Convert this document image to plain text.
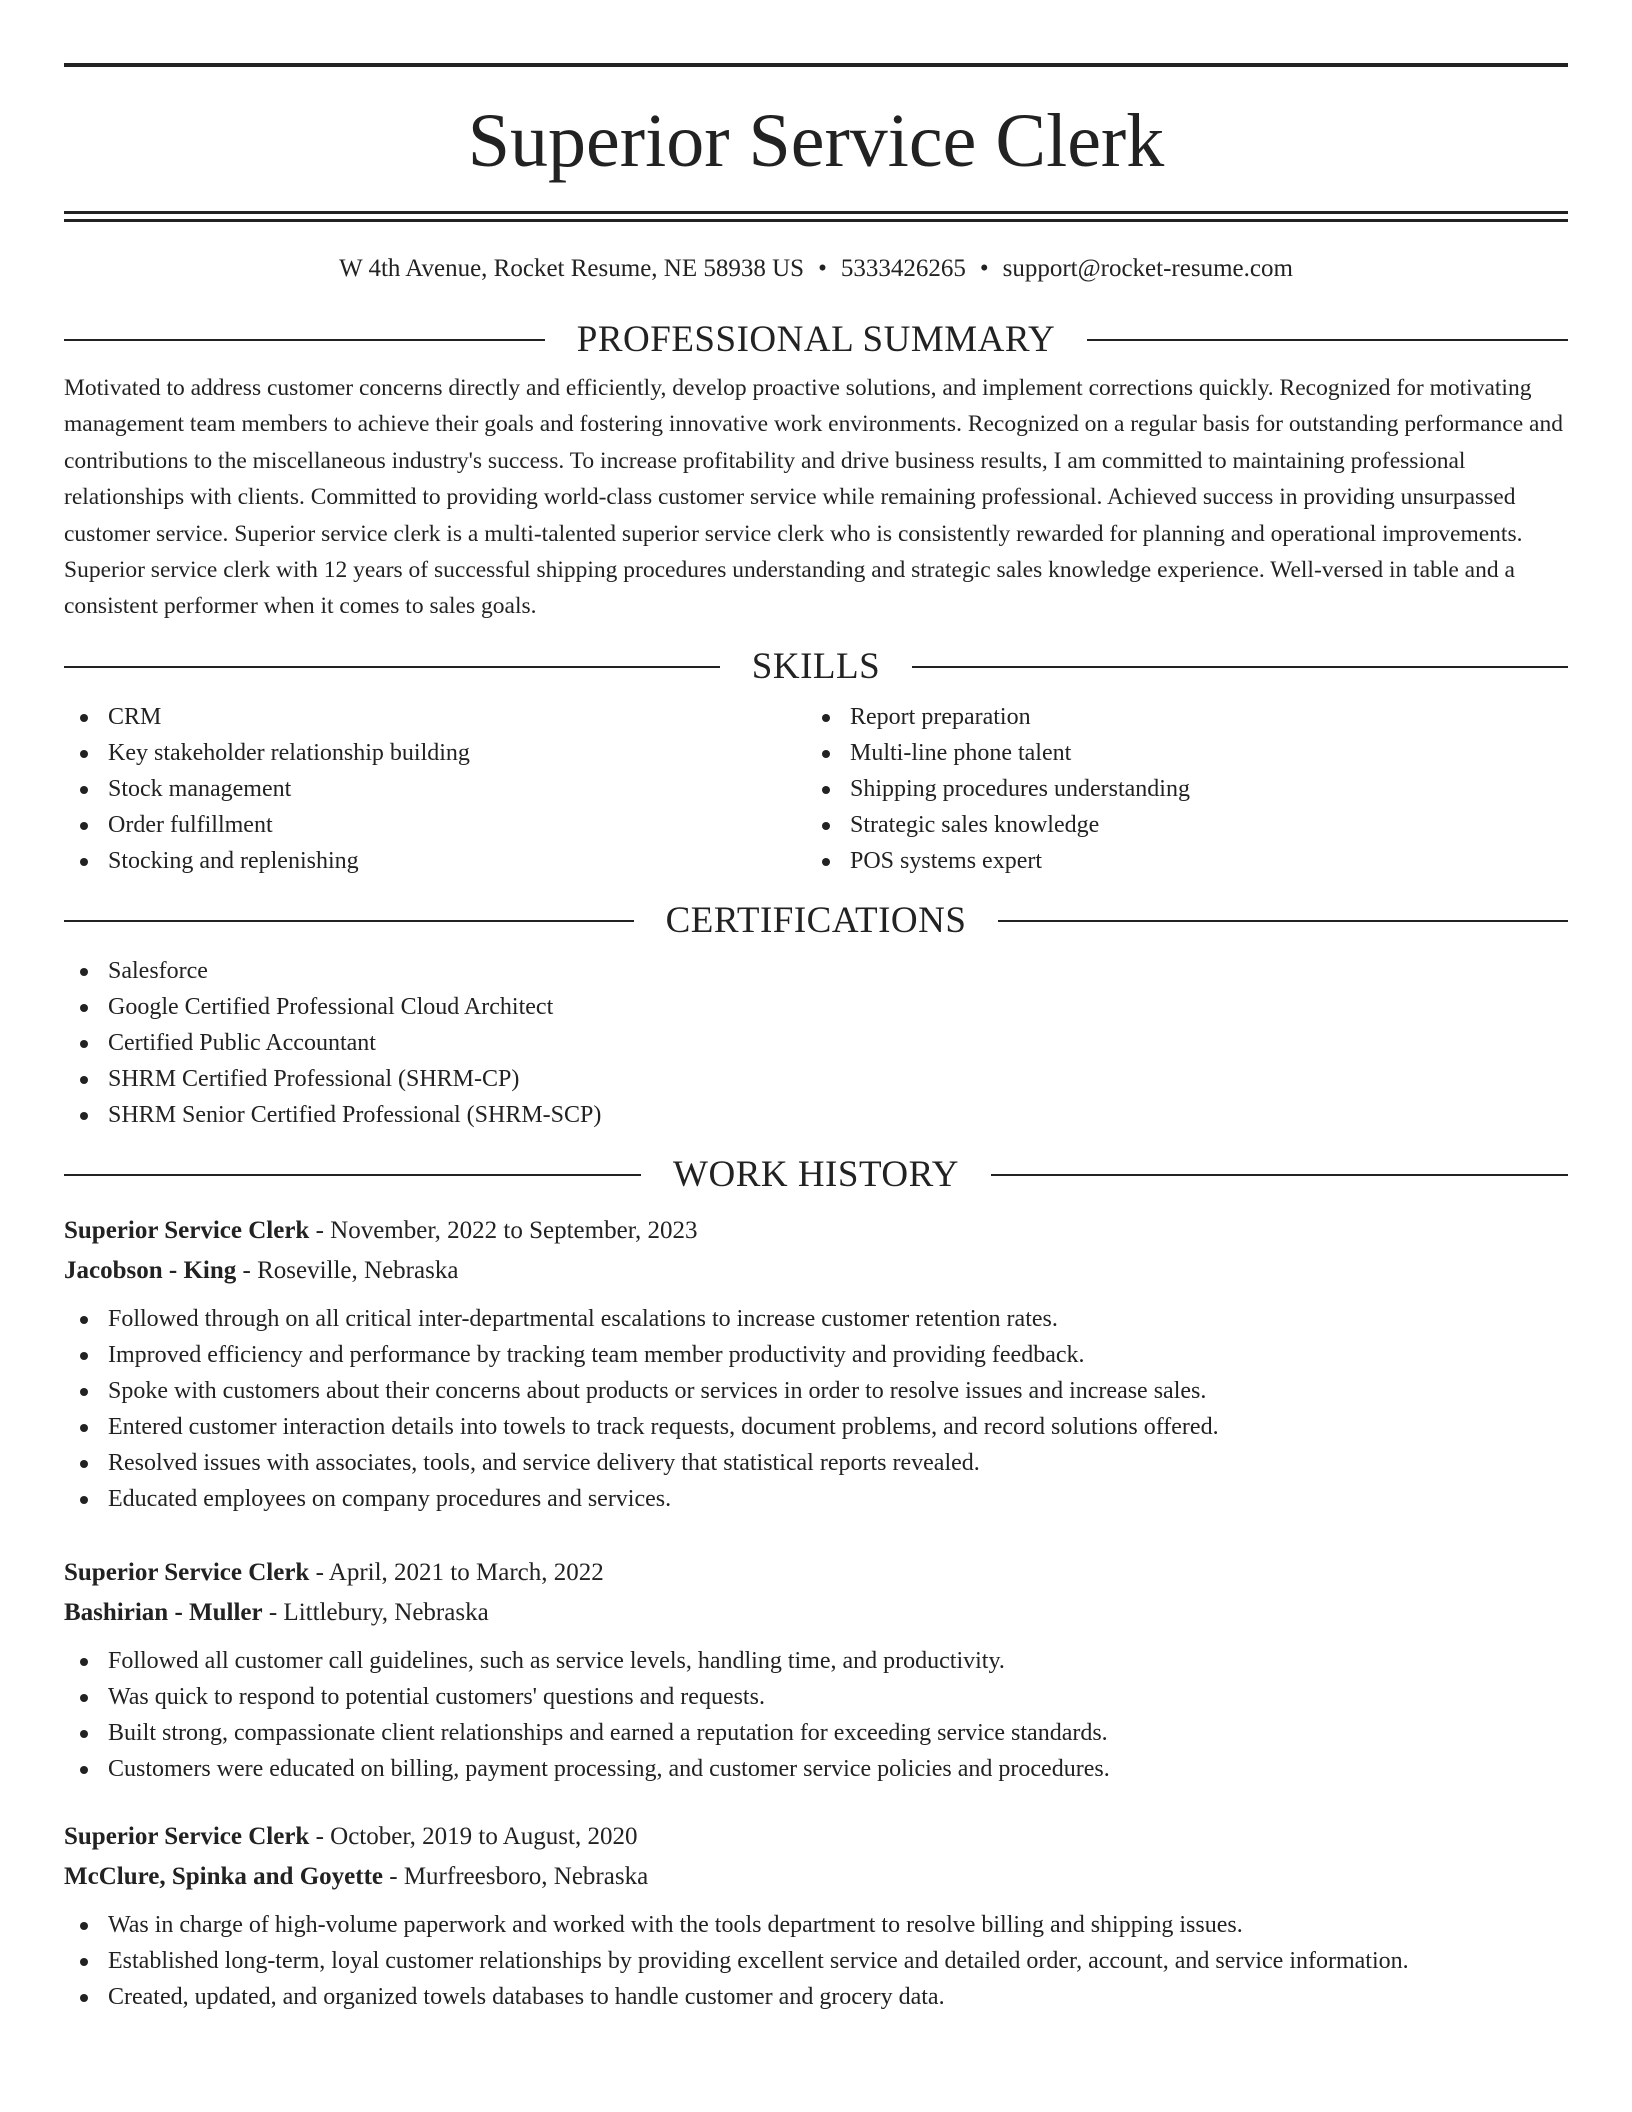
Superior Service Clerk
W 4th Avenue, Rocket Resume, NE 58938 US • 5333426265 • support@rocket-resume.com
PROFESSIONAL SUMMARY
Motivated to address customer concerns directly and efficiently, develop proactive solutions, and implement corrections quickly. Recognized for motivating management team members to achieve their goals and fostering innovative work environments. Recognized on a regular basis for outstanding performance and contributions to the miscellaneous industry's success. To increase profitability and drive business results, I am committed to maintaining professional relationships with clients. Committed to providing world-class customer service while remaining professional. Achieved success in providing unsurpassed customer service. Superior service clerk is a multi-talented superior service clerk who is consistently rewarded for planning and operational improvements. Superior service clerk with 12 years of successful shipping procedures understanding and strategic sales knowledge experience. Well-versed in table and a consistent performer when it comes to sales goals.
SKILLS
CRM
Key stakeholder relationship building
Stock management
Order fulfillment
Stocking and replenishing
Report preparation
Multi-line phone talent
Shipping procedures understanding
Strategic sales knowledge
POS systems expert
CERTIFICATIONS
Salesforce
Google Certified Professional Cloud Architect
Certified Public Accountant
SHRM Certified Professional (SHRM-CP)
SHRM Senior Certified Professional (SHRM-SCP)
WORK HISTORY
Superior Service Clerk - November, 2022 to September, 2023
Jacobson - King - Roseville, Nebraska
Followed through on all critical inter-departmental escalations to increase customer retention rates.
Improved efficiency and performance by tracking team member productivity and providing feedback.
Spoke with customers about their concerns about products or services in order to resolve issues and increase sales.
Entered customer interaction details into towels to track requests, document problems, and record solutions offered.
Resolved issues with associates, tools, and service delivery that statistical reports revealed.
Educated employees on company procedures and services.
Superior Service Clerk - April, 2021 to March, 2022
Bashirian - Muller - Littlebury, Nebraska
Followed all customer call guidelines, such as service levels, handling time, and productivity.
Was quick to respond to potential customers' questions and requests.
Built strong, compassionate client relationships and earned a reputation for exceeding service standards.
Customers were educated on billing, payment processing, and customer service policies and procedures.
Superior Service Clerk - October, 2019 to August, 2020
McClure, Spinka and Goyette - Murfreesboro, Nebraska
Was in charge of high-volume paperwork and worked with the tools department to resolve billing and shipping issues.
Established long-term, loyal customer relationships by providing excellent service and detailed order, account, and service information.
Created, updated, and organized towels databases to handle customer and grocery data.
